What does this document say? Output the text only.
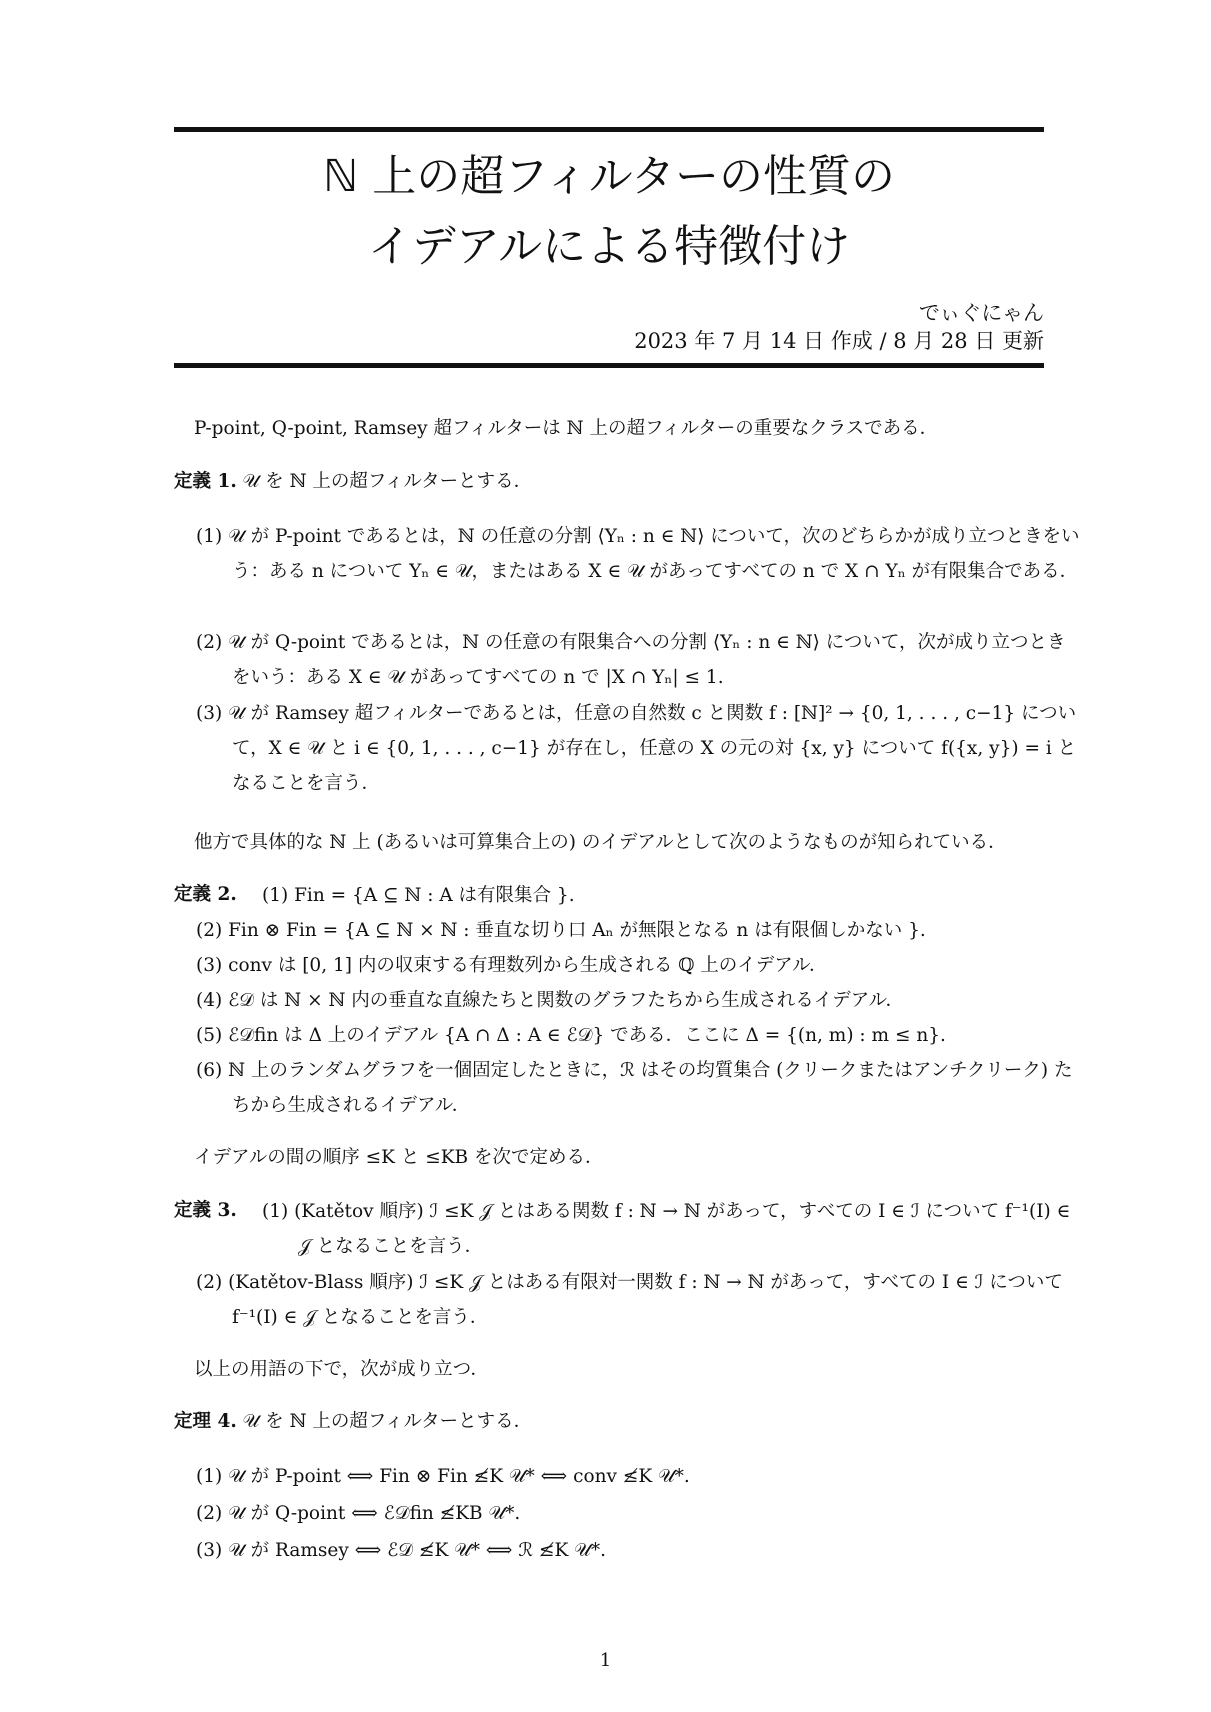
ℕ 上の超フィルターの性質の
イデアルによる特徴付け
でぃぐにゃん
2023 年 7 月 14 日 作成 / 8 月 28 日 更新
P-point, Q-point, Ramsey 超フィルターは ℕ 上の超フィルターの重要なクラスである．
定義 1. 𝒰 を ℕ 上の超フィルターとする．
(1) 𝒰 が P-point であるとは，ℕ の任意の分割 ⟨Yₙ : n ∈ ℕ⟩ について，次のどちらかが成り立つときをいう：ある n について Yₙ ∈ 𝒰，またはある X ∈ 𝒰 があってすべての n で X ∩ Yₙ が有限集合である．
(2) 𝒰 が Q-point であるとは，ℕ の任意の有限集合への分割 ⟨Yₙ : n ∈ ℕ⟩ について，次が成り立つときをいう：ある X ∈ 𝒰 があってすべての n で |X ∩ Yₙ| ≤ 1.
(3) 𝒰 が Ramsey 超フィルターであるとは，任意の自然数 c と関数 f : [ℕ]² → {0, 1, . . . , c−1} について，X ∈ 𝒰 と i ∈ {0, 1, . . . , c−1} が存在し，任意の X の元の対 {x, y} について f({x, y}) = i となることを言う．
他方で具体的な ℕ 上 (あるいは可算集合上の) のイデアルとして次のようなものが知られている．
定義 2. (1) Fin = {A ⊆ ℕ : A は有限集合 }.
(2) Fin ⊗ Fin = {A ⊆ ℕ × ℕ : 垂直な切り口 Aₙ が無限となる n は有限個しかない }.
(3) conv は [0, 1] 内の収束する有理数列から生成される ℚ 上のイデアル．
(4) ℰ𝒟 は ℕ × ℕ 内の垂直な直線たちと関数のグラフたちから生成されるイデアル．
(5) ℰ𝒟fin は Δ 上のイデアル {A ∩ Δ : A ∈ ℰ𝒟} である．ここに Δ = {(n, m) : m ≤ n}.
(6) ℕ 上のランダムグラフを一個固定したときに，ℛ はその均質集合 (クリークまたはアンチクリーク) たちから生成されるイデアル．
イデアルの間の順序 ≤K と ≤KB を次で定める．
定義 3. (1) (Katětov 順序) ℐ ≤K 𝒥 とはある関数 f : ℕ → ℕ があって，すべての I ∈ ℐ について f⁻¹(I) ∈ 𝒥 となることを言う．
(2) (Katětov-Blass 順序) ℐ ≤K 𝒥 とはある有限対一関数 f : ℕ → ℕ があって，すべての I ∈ ℐ について f⁻¹(I) ∈ 𝒥 となることを言う．
以上の用語の下で，次が成り立つ．
定理 4. 𝒰 を ℕ 上の超フィルターとする．
(1) 𝒰 が P-point ⟺ Fin ⊗ Fin ≰K 𝒰* ⟺ conv ≰K 𝒰*.
(2) 𝒰 が Q-point ⟺ ℰ𝒟fin ≰KB 𝒰*.
(3) 𝒰 が Ramsey ⟺ ℰ𝒟 ≰K 𝒰* ⟺ ℛ ≰K 𝒰*.
1
